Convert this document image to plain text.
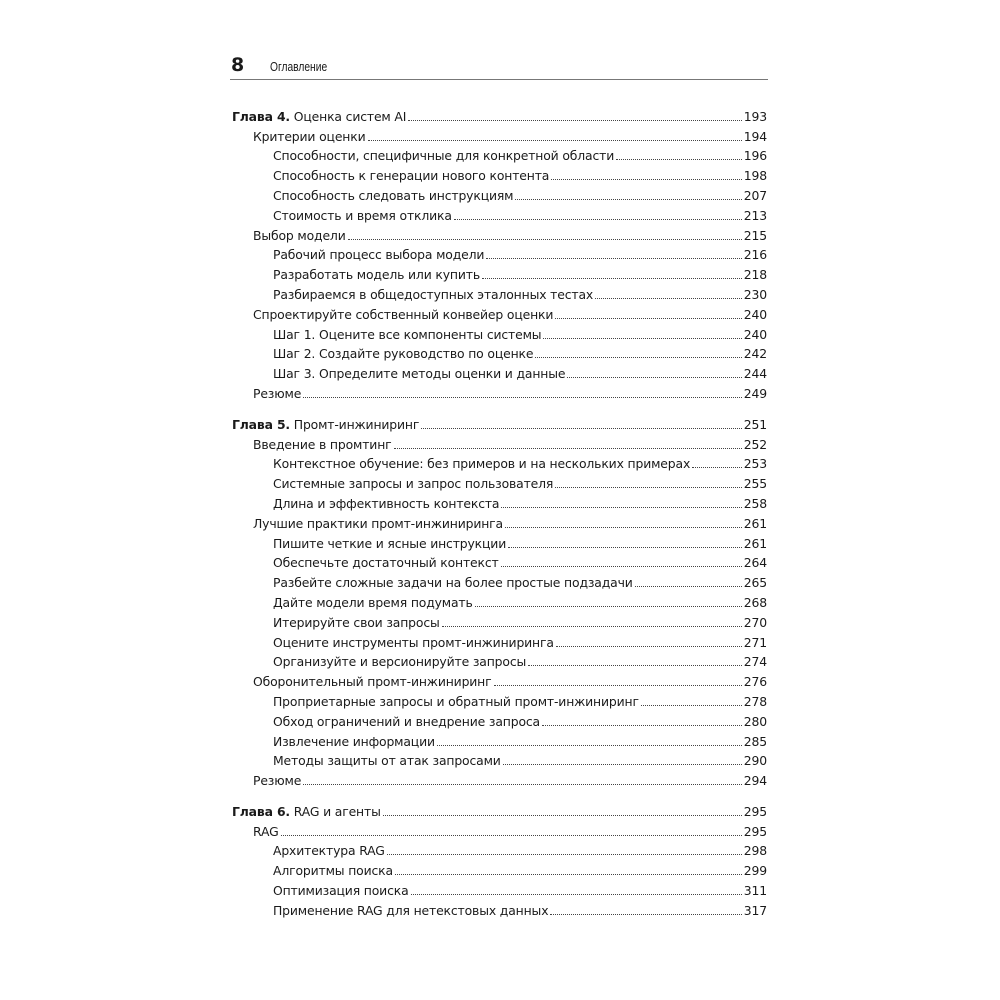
8 Оглавление
Глава 4. Оценка систем AI	193
Критерии оценки	194
Способности, специфичные для конкретной области	196
Способность к генерации нового контента	198
Способность следовать инструкциям	207
Стоимость и время отклика	213
Выбор модели	215
Рабочий процесс выбора модели	216
Разработать модель или купить	218
Разбираемся в общедоступных эталонных тестах	230
Спроектируйте собственный конвейер оценки	240
Шаг 1. Оцените все компоненты системы	240
Шаг 2. Создайте руководство по оценке	242
Шаг 3. Определите методы оценки и данные	244
Резюме	249
Глава 5. Промт-инжиниринг	251
Введение в промтинг	252
Контекстное обучение: без примеров и на нескольких примерах	253
Системные запросы и запрос пользователя	255
Длина и эффективность контекста	258
Лучшие практики промт-инжиниринга	261
Пишите четкие и ясные инструкции	261
Обеспечьте достаточный контекст	264
Разбейте сложные задачи на более простые подзадачи	265
Дайте модели время подумать	268
Итерируйте свои запросы	270
Оцените инструменты промт-инжиниринга	271
Организуйте и версионируйте запросы	274
Оборонительный промт-инжиниринг	276
Проприетарные запросы и обратный промт-инжиниринг	278
Обход ограничений и внедрение запроса	280
Извлечение информации	285
Методы защиты от атак запросами	290
Резюме	294
Глава 6. RAG и агенты	295
RAG	295
Архитектура RAG	298
Алгоритмы поиска	299
Оптимизация поиска	311
Применение RAG для нетекстовых данных	317
